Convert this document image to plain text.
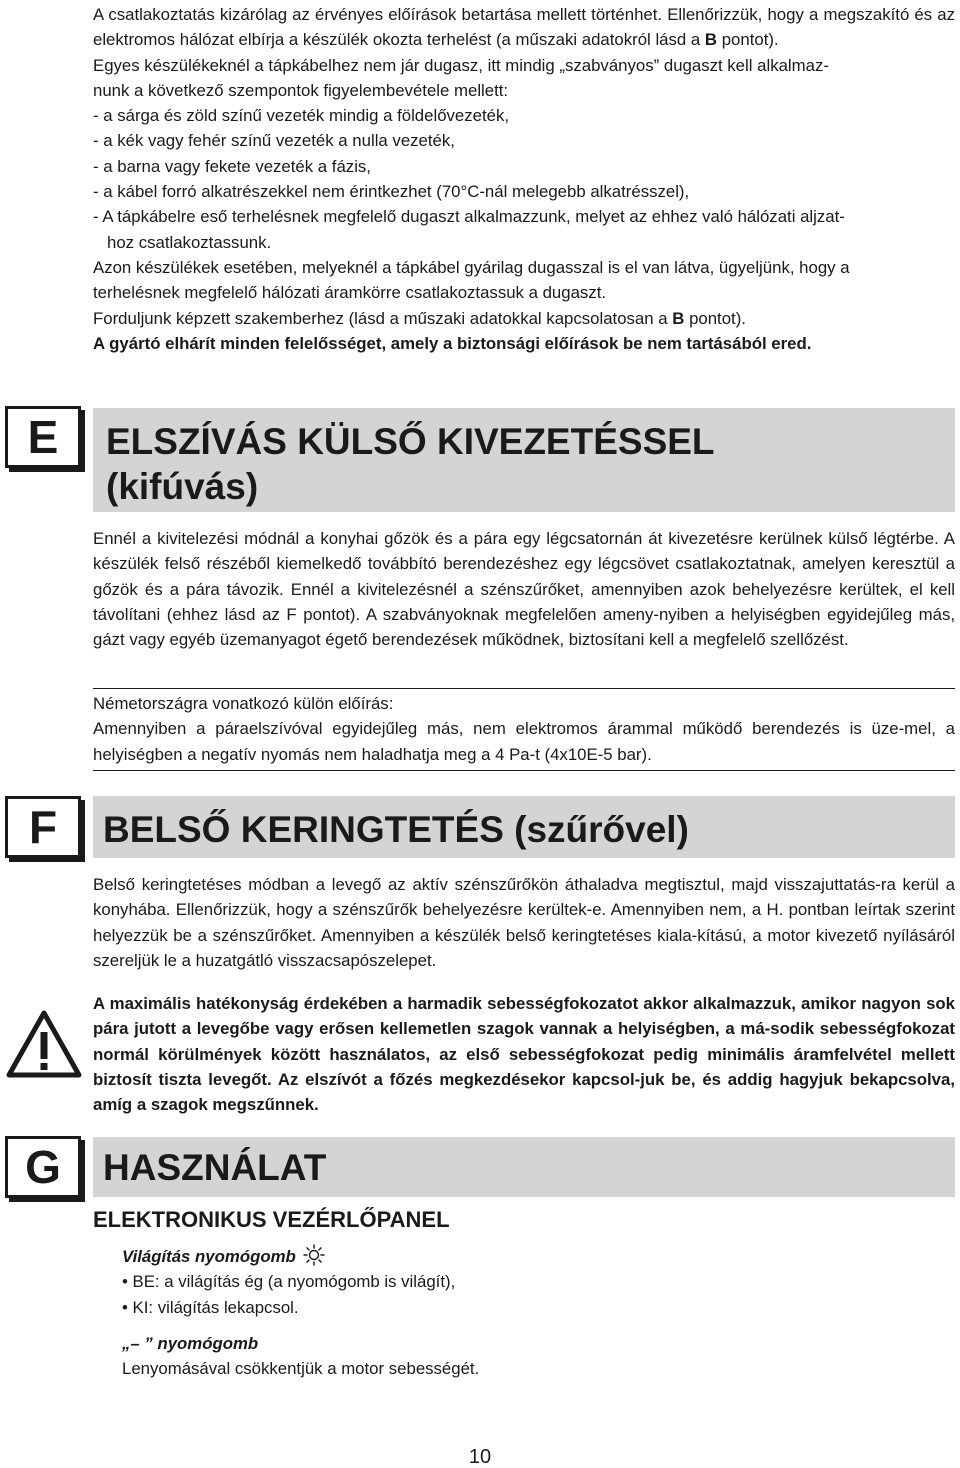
A csatlakoztatás kizárólag az érvényes előírások betartása mellett történhet. Ellenőrizzük, hogy a megszakító és az elektromos hálózat elbírja a készülék okozta terhelést (a műszaki adatokról lásd a B pontot).

Egyes készülékeknél a tápkábelhez nem jár dugasz, itt mindig „szabványos” dugaszt kell alkalmaz-

nunk a következő szempontok figyelembevétele mellett:

- a sárga és zöld színű vezeték mindig a földelővezeték,

- a kék vagy fehér színű vezeték a nulla vezeték,

- a barna vagy fekete vezeték a fázis,

- a kábel forró alkatrészekkel nem érintkezhet (70°C-nál melegebb alkatrésszel),

- A tápkábelre eső terhelésnek megfelelő dugaszt alkalmazzunk, melyet az ehhez való hálózati aljzat-

hoz csatlakoztassunk.

Azon készülékek esetében, melyeknél a tápkábel gyárilag dugasszal is el van látva, ügyeljünk, hogy a

terhelésnek megfelelő hálózati áramkörre csatlakoztassuk a dugaszt.

Forduljunk képzett szakemberhez (lásd a műszaki adatokkal kapcsolatosan a B pontot).

A gyártó elhárít minden felelősséget, amely a biztonsági előírások be nem tartásából ered.

E	ELSZÍVÁS KÜLSŐ KIVEZETÉSSEL
(kifúvás)
Ennél a kivitelezési módnál a konyhai gőzök és a pára egy légcsatornán át kivezetésre kerülnek külső légtérbe. A készülék felső részéből kiemelkedő továbbító berendezéshez egy légcsövet csatlakoztatnak, amelyen keresztül a gőzök és a pára távozik. Ennél a kivitelezésnél a szénszűrőket, amennyiben azok behelyezésre kerültek, el kell távolítani (ehhez lásd az F pontot). A szabványoknak megfelelően ameny-nyiben a helyiségben egyidejűleg más, gázt vagy egyéb üzemanyagot égető berendezések működnek, biztosítani kell a megfelelő szellőzést.

Németországra vonatkozó külön előírás:

Amennyiben a páraelszívóval egyidejűleg más, nem elektromos árammal működő berendezés is üze-mel, a helyiségben a negatív nyomás nem haladhatja meg a 4 Pa-t (4x10E-5 bar).

F	BELSŐ KERINGTETÉS (szűrővel)
Belső keringtetéses módban a levegő az aktív szénszűrőkön áthaladva megtisztul, majd visszajuttatás-ra kerül a konyhába. Ellenőrizzük, hogy a szénszűrők behelyezésre kerültek-e. Amennyiben nem, a H. pontban leírtak szerint helyezzük be a szénszűrőket. Amennyiben a készülék belső keringtetéses kiala-kítású, a motor kivezető nyílásáról szereljük le a huzatgátló visszacsapószelepet.
A maximális hatékonyság érdekében a harmadik sebességfokozatot akkor alkalmazzuk, amikor nagyon sok pára jutott a levegőbe vagy erősen kellemetlen szagok vannak a helyiségben, a má-sodik sebességfokozat normál körülmények között használatos, az első sebességfokozat pedig minimális áramfelvétel mellett biztosít tiszta levegőt. Az elszívót a főzés megkezdésekor kapcsol-juk be, és addig hagyjuk bekapcsolva, amíg a szagok megszűnnek.
G	HASZNÁLAT
ELEKTRONIKUS VEZÉRLŐPANEL

Világítás nyomógomb

• BE: a világítás ég (a nyomógomb is világít),

• KI: világítás lekapcsol.

„– ” nyomógomb

Lenyomásával csökkentjük a motor sebességét.

10
